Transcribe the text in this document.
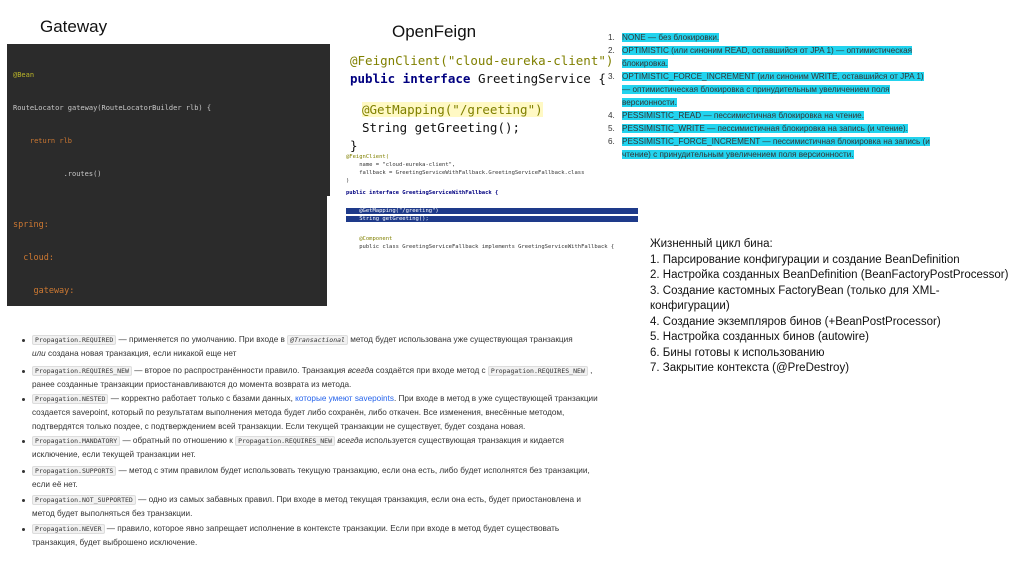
Gateway	OpenFeign

@Bean

RouteLocator gateway(RouteLocatorBuilder rlb) {

return rlb

.routes()

spring:

cloud:

gateway:

@FeignClient("cloud-eureka-client")
public interface GreetingService {
@GetMapping("/greeting")
String getGreeting();
}
@FeignClient(
name = "cloud-eureka-client",
fallback = GreetingServiceWithFallback.GreetingServiceFallback.class
)
public interface GreetingServiceWithFallback {
@GetMapping("/greeting")
String getGreeting();
@Component
public class GreetingServiceFallback implements GreetingServiceWithFallback {
1. NONE — без блокировки.
2. OPTIMISTIC (или синоним READ, оставшийся от JPA 1) — оптимистическая
блокировка.
3. OPTIMISTIC_FORCE_INCREMENT (или синоним WRITE, оставшийся от JPA 1)
— оптимистическая блокировка с принудительным увеличением поля
версионности.
4. PESSIMISTIC_READ — пессимистичная блокировка на чтение.
5. PESSIMISTIC_WRITE — пессимистичная блокировка на запись (и чтение).
6. PESSIMISTIC_FORCE_INCREMENT — пессимистичная блокировка на запись (и
чтение) с принудительным увеличением поля версионности.
Жизненный цикл бина:
1. Парсирование конфигурации и создание BeanDefinition
2. Настройка созданных BeanDefinition (BeanFactoryPostProcessor)
3. Создание кастомных FactoryBean (только для XML-
конфигурации)
4. Создание экземпляров бинов (+BeanPostProcessor)
5. Настройка созданных бинов (autowire)
6. Бины готовы к использованию
7. Закрытие контекста (@PreDestroy)
Propagation.REQUIRED — применяется по умолчанию. При входе в @Transactional метод будет использована уже существующая транзакция
или создана новая транзакция, если никакой еще нет
Propagation.REQUIRES_NEW — второе по распространённости правило. Транзакция всегда создаётся при входе метод с Propagation.REQUIRES_NEW ,
ранее созданные транзакции приостанавливаются до момента возврата из метода.
Propagation.NESTED — корректно работает только с базами данных, которые умеют savepoints. При входе в метод в уже существующей транзакции
создается savepoint, который по результатам выполнения метода будет либо сохранён, либо откачен. Все изменения, внесённые методом,
подтвердятся только поздее, с подтверждением всей транзакции. Если текущей транзакции не существует, будет создана новая.
Propagation.MANDATORY — обратный по отношению к Propagation.REQUIRES_NEW всегда используется существующая транзакция и кидается
исключение, если текущей транзакции нет.
Propagation.SUPPORTS — метод с этим правилом будет использовать текущую транзакцию, если она есть, либо будет исполнятся без транзакции,
если её нет.
Propagation.NOT_SUPPORTED — одно из самых забавных правил. При входе в метод текущая транзакция, если она есть, будет приостановлена и
метод будет выполняться без транзакции.
Propagation.NEVER — правило, которое явно запрещает исполнение в контексте транзакции. Если при входе в метод будет существовать
транзакция, будет выброшено исключение.
